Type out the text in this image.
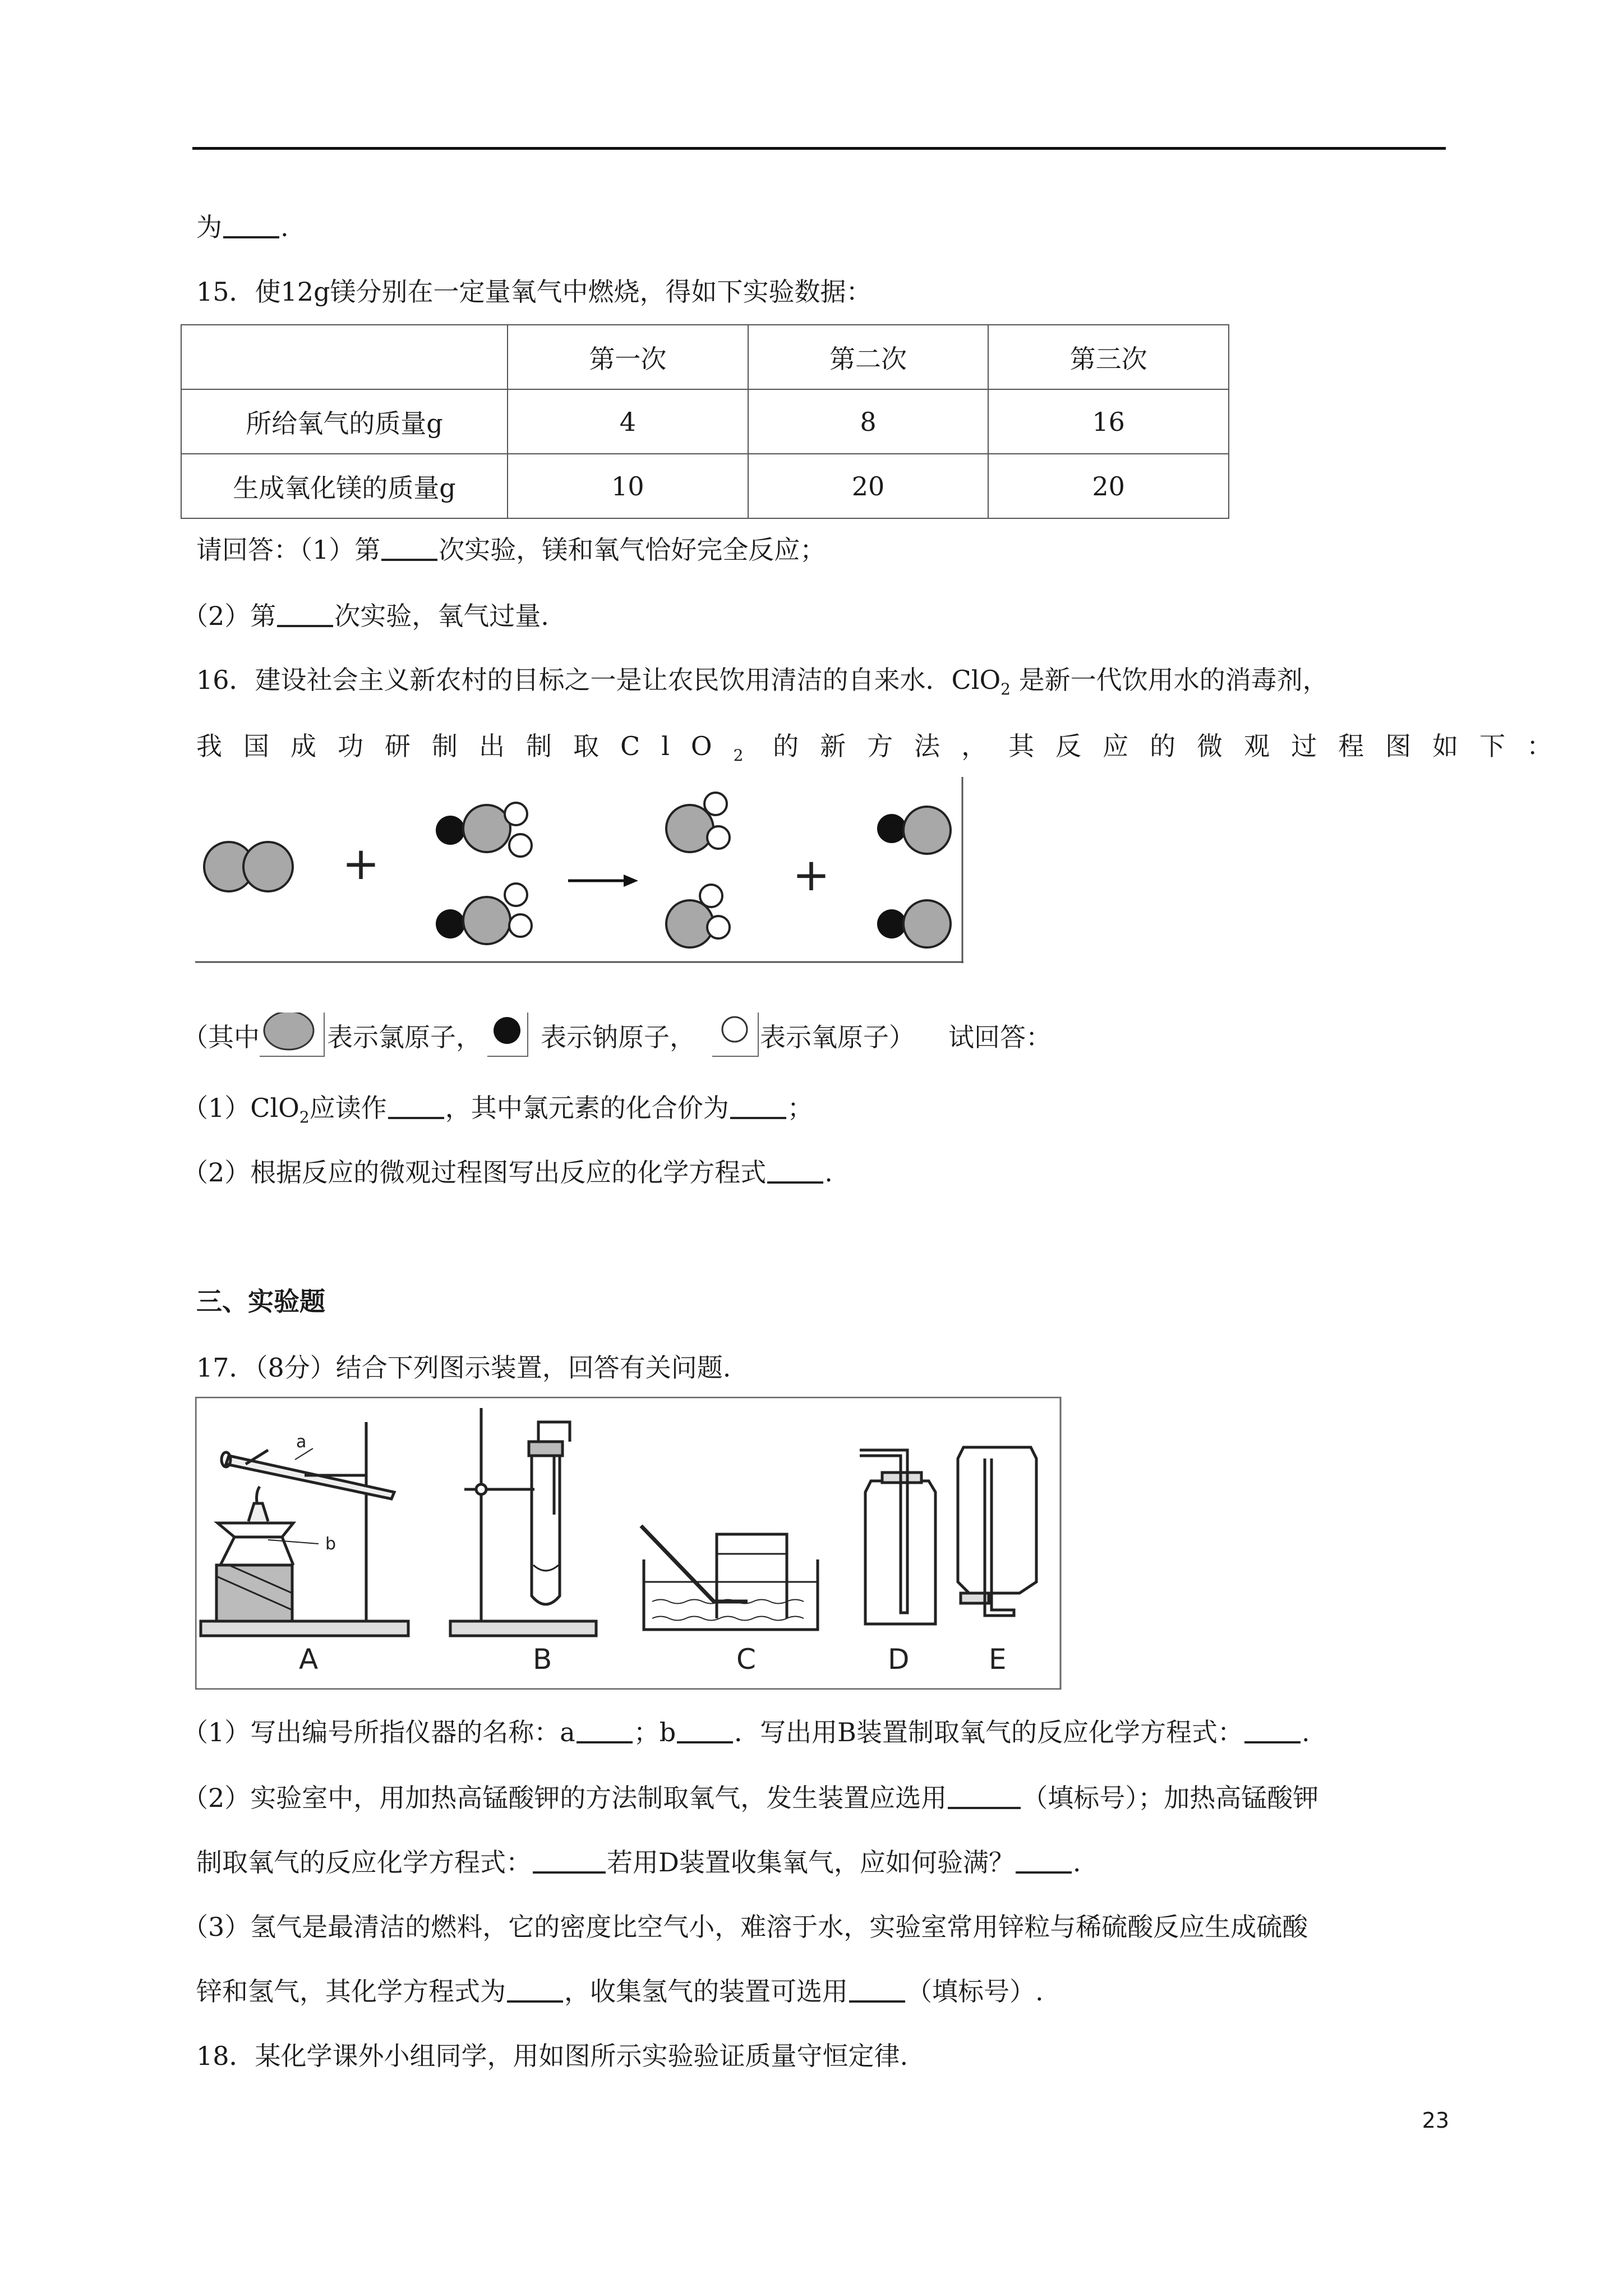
为 .
15．使12g镁分别在一定量氧气中燃烧，得如下实验数据：
	第一次	第二次	第三次
所给氧气的质量g	4	8	16
生成氧化镁的质量g	10	20	20
请回答：（1）第 次实验，镁和氧气恰好完全反应；
（2）第 次实验，氧气过量.
16．建设社会主义新农村的目标之一是让农民饮用清洁的自来水．ClO$_2$ 是新一代饮用水的消毒剂，
我国成功研制出制取ClO$_2$ 的新方法，其反应的微观过程图如下：
+	+
（其中	表示氯原子， 表示钠原子，	表示氧原子） 试回答：
（1）ClO$_2$应读作 ，其中氯元素的化合价为 ；
（2）根据反应的微观过程图写出反应的化学方程式 .
三、实验题
17．（8分）结合下列图示装置，回答有关问题.
a
b
A	B	C	D	E
（1）写出编号所指仪器的名称：a ；b ．写出用B装置制取氧气的反应化学方程式： .
（2）实验室中，用加热高锰酸钾的方法制取氧气，发生装置应选用	（填标号）；加热高锰酸钾
制取氧气的反应化学方程式：	若用D装置收集氧气，应如何验满？ .
（3）氢气是最清洁的燃料，它的密度比空气小，难溶于水，实验室常用锌粒与稀硫酸反应生成硫酸
锌和氢气，其化学方程式为 ，收集氢气的装置可选用 （填标号）.
18．某化学课外小组同学，用如图所示实验验证质量守恒定律.
23
